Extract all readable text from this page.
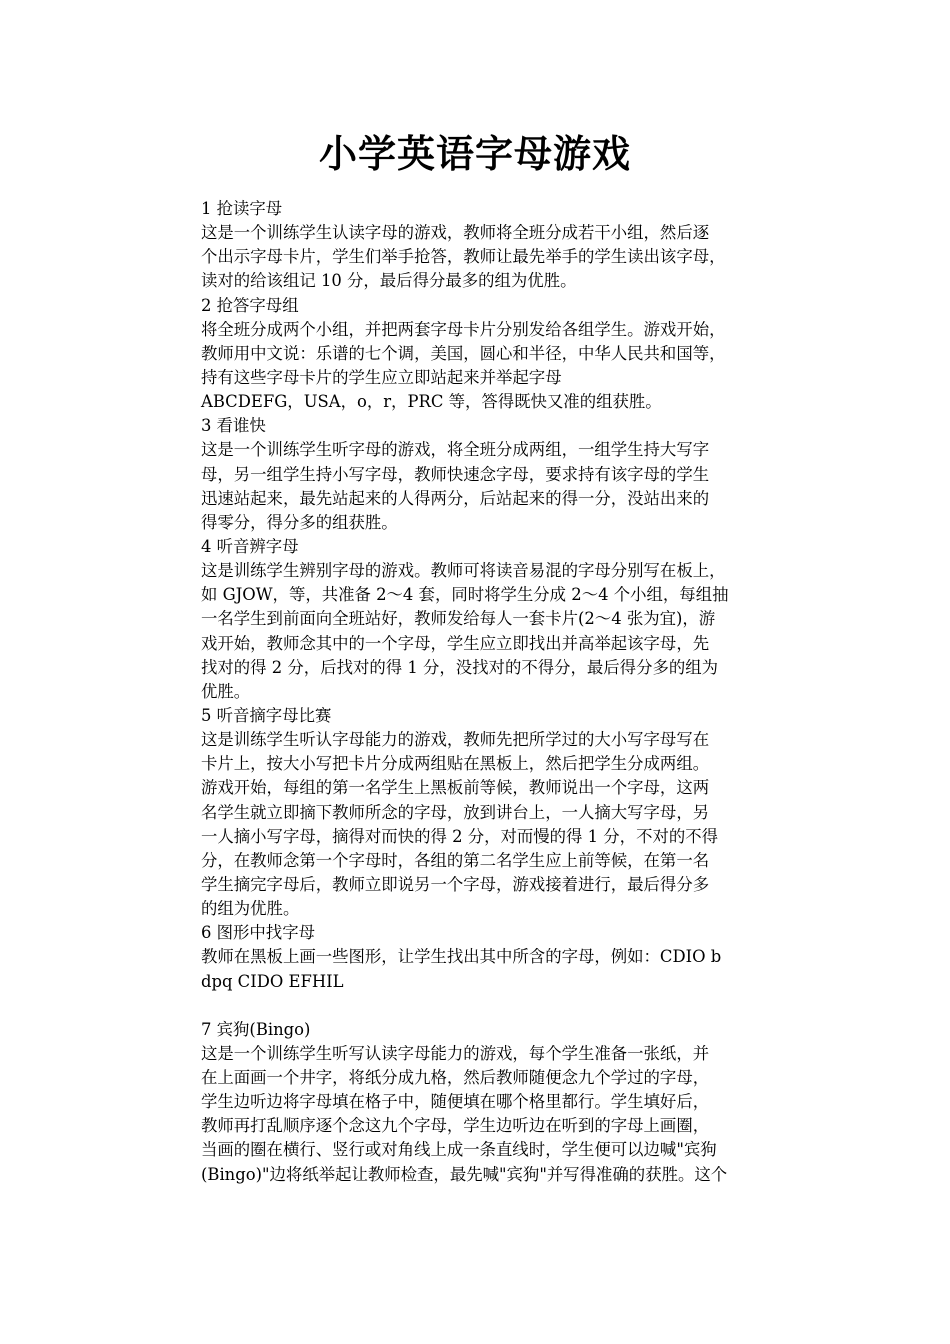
小学英语字母游戏
1 抢读字母
这是一个训练学生认读字母的游戏，教师将全班分成若干小组，然后逐
个出示字母卡片，学生们举手抢答，教师让最先举手的学生读出该字母，
读对的给该组记 10 分，最后得分最多的组为优胜。
2 抢答字母组
将全班分成两个小组，并把两套字母卡片分别发给各组学生。游戏开始，
教师用中文说：乐谱的七个调，美国，圆心和半径，中华人民共和国等，
持有这些字母卡片的学生应立即站起来并举起字母
ABCDEFG，USA，o，r，PRC 等，答得既快又准的组获胜。
3 看谁快
这是一个训练学生听字母的游戏，将全班分成两组，一组学生持大写字
母，另一组学生持小写字母，教师快速念字母，要求持有该字母的学生
迅速站起来，最先站起来的人得两分，后站起来的得一分，没站出来的
得零分，得分多的组获胜。
4 听音辨字母
这是训练学生辨别字母的游戏。教师可将读音易混的字母分别写在板上，
如 GJOW，等，共准备 2～4 套，同时将学生分成 2～4 个小组，每组抽
一名学生到前面向全班站好，教师发给每人一套卡片(2～4 张为宜)，游
戏开始，教师念其中的一个字母，学生应立即找出并高举起该字母，先
找对的得 2 分，后找对的得 1 分，没找对的不得分，最后得分多的组为
优胜。
5 听音摘字母比赛
这是训练学生听认字母能力的游戏，教师先把所学过的大小写字母写在
卡片上，按大小写把卡片分成两组贴在黑板上，然后把学生分成两组。
游戏开始，每组的第一名学生上黑板前等候，教师说出一个字母，这两
名学生就立即摘下教师所念的字母，放到讲台上，一人摘大写字母，另
一人摘小写字母，摘得对而快的得 2 分，对而慢的得 1 分，不对的不得
分，在教师念第一个字母时，各组的第二名学生应上前等候，在第一名
学生摘完字母后，教师立即说另一个字母，游戏接着进行，最后得分多
的组为优胜。
6 图形中找字母
教师在黑板上画一些图形，让学生找出其中所含的字母，例如：CDIO b
dpq CIDO EFHIL
7 宾狗(Bingo)
这是一个训练学生听写认读字母能力的游戏，每个学生准备一张纸，并
在上面画一个井字，将纸分成九格，然后教师随便念九个学过的字母，
学生边听边将字母填在格子中，随便填在哪个格里都行。学生填好后，
教师再打乱顺序逐个念这九个字母，学生边听边在听到的字母上画圈，
当画的圈在横行、竖行或对角线上成一条直线时，学生便可以边喊"宾狗
(Bingo)"边将纸举起让教师检查，最先喊"宾狗"并写得准确的获胜。这个
